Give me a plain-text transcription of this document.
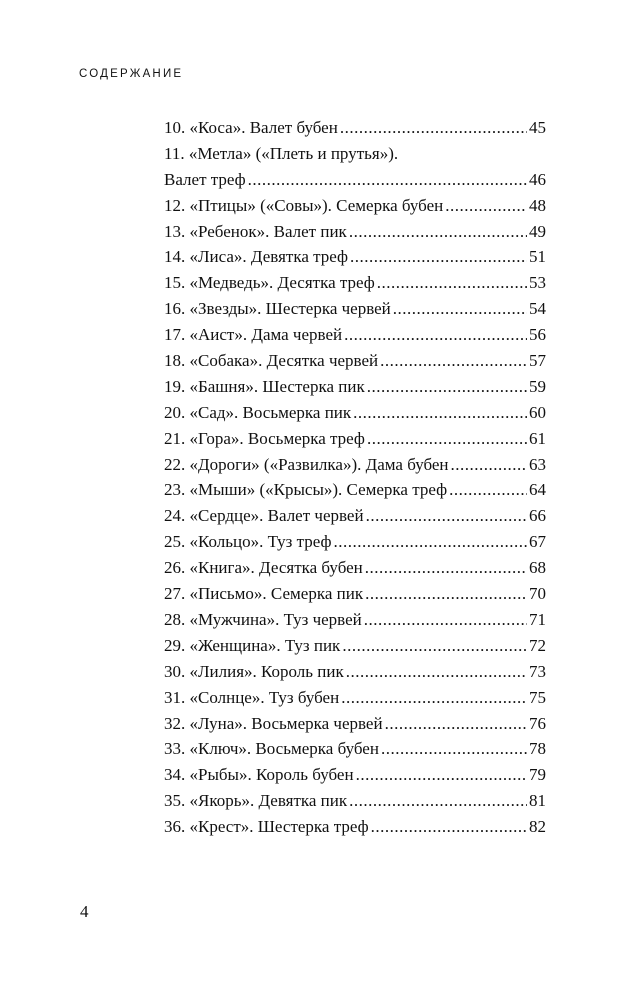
СОДЕРЖАНИЕ
10. «Коса». Валет бубен .....	45
11. «Метла» («Плеть и прутья»).
Валет треф .....	46
12. «Птицы» («Совы»). Семерка бубен .....	48
13. «Ребенок». Валет пик .....	49
14. «Лиса». Девятка треф .....	51
15. «Медведь». Десятка треф .....	53
16. «Звезды». Шестерка червей .....	54
17. «Аист». Дама червей .....	56
18. «Собака». Десятка червей .....	57
19. «Башня». Шестерка пик .....	59
20. «Сад». Восьмерка пик .....	60
21. «Гора». Восьмерка треф .....	61
22. «Дороги» («Развилка»). Дама бубен .....	63
23. «Мыши» («Крысы»). Семерка треф .....	64
24. «Сердце». Валет червей .....	66
25. «Кольцо». Туз треф .....	67
26. «Книга». Десятка бубен .....	68
27. «Письмо». Семерка пик .....	70
28. «Мужчина». Туз червей .....	71
29. «Женщина». Туз пик .....	72
30. «Лилия». Король пик .....	73
31. «Солнце». Туз бубен .....	75
32. «Луна». Восьмерка червей .....	76
33. «Ключ». Восьмерка бубен .....	78
34. «Рыбы». Король бубен .....	79
35. «Якорь». Девятка пик .....	81
36. «Крест». Шестерка треф .....	82
4
